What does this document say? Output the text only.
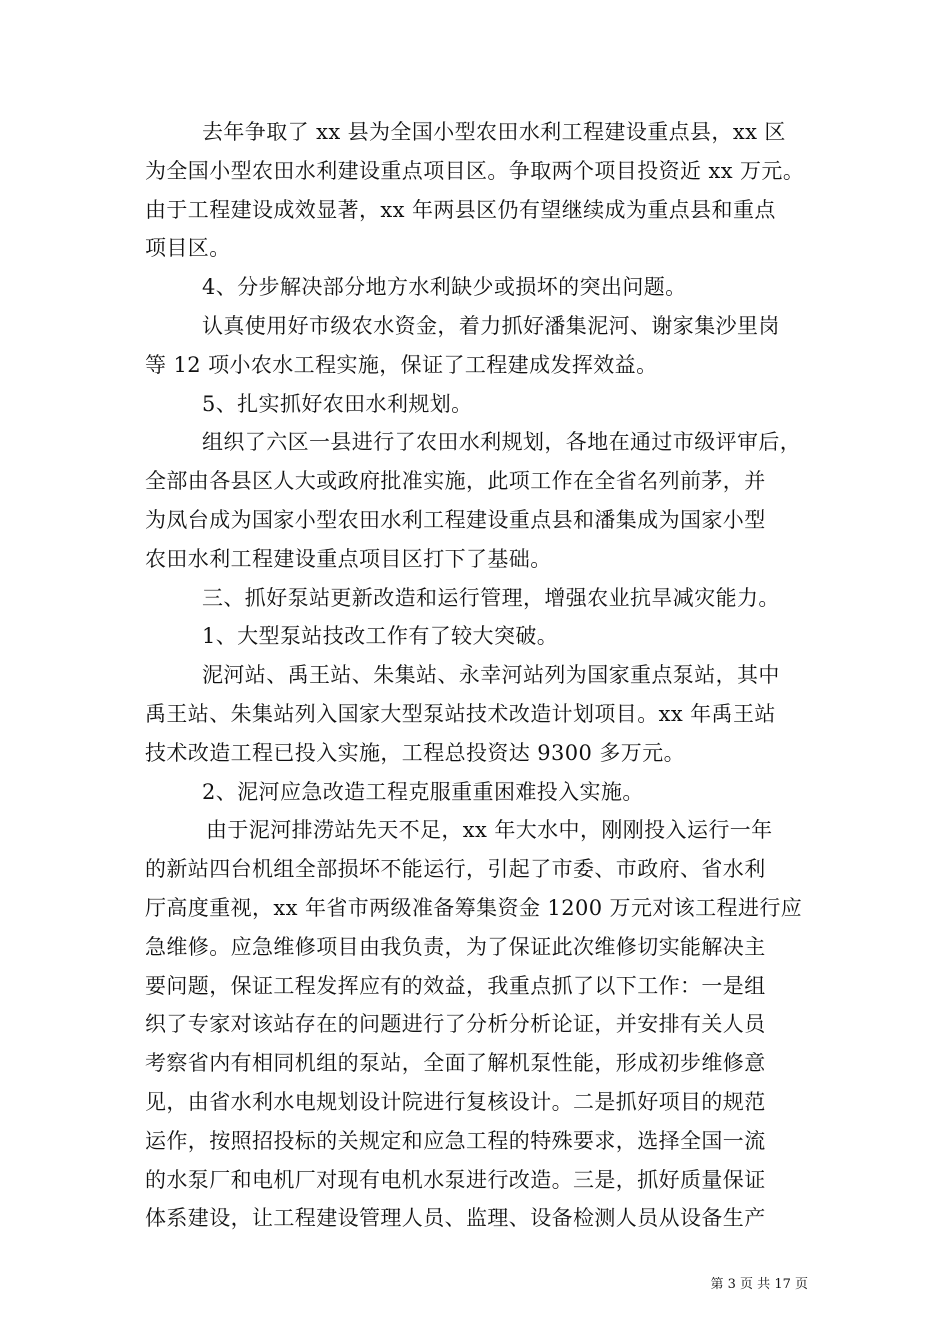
去年争取了 xx 县为全国小型农田水利工程建设重点县，xx 区
为全国小型农田水利建设重点项目区。争取两个项目投资近 xx 万元。
由于工程建设成效显著，xx 年两县区仍有望继续成为重点县和重点
项目区。
4、分步解决部分地方水利缺少或损坏的突出问题。
认真使用好市级农水资金，着力抓好潘集泥河、谢家集沙里岗
等 12 项小农水工程实施，保证了工程建成发挥效益。
5、扎实抓好农田水利规划。
组织了六区一县进行了农田水利规划，各地在通过市级评审后，
全部由各县区人大或政府批准实施，此项工作在全省名列前茅，并
为凤台成为国家小型农田水利工程建设重点县和潘集成为国家小型
农田水利工程建设重点项目区打下了基础。
三、抓好泵站更新改造和运行管理，增强农业抗旱减灾能力。
1、大型泵站技改工作有了较大突破。
泥河站、禹王站、朱集站、永幸河站列为国家重点泵站，其中
禹王站、朱集站列入国家大型泵站技术改造计划项目。xx 年禹王站
技术改造工程已投入实施，工程总投资达 9300 多万元。
2、泥河应急改造工程克服重重困难投入实施。
由于泥河排涝站先天不足，xx 年大水中，刚刚投入运行一年
的新站四台机组全部损坏不能运行，引起了市委、市政府、省水利
厅高度重视，xx 年省市两级准备筹集资金 1200 万元对该工程进行应
急维修。应急维修项目由我负责，为了保证此次维修切实能解决主
要问题，保证工程发挥应有的效益，我重点抓了以下工作：一是组
织了专家对该站存在的问题进行了分析分析论证，并安排有关人员
考察省内有相同机组的泵站，全面了解机泵性能，形成初步维修意
见，由省水利水电规划设计院进行复核设计。二是抓好项目的规范
运作，按照招投标的关规定和应急工程的特殊要求，选择全国一流
的水泵厂和电机厂对现有电机水泵进行改造。三是，抓好质量保证
体系建设，让工程建设管理人员、监理、设备检测人员从设备生产
第 3 页 共 17 页
